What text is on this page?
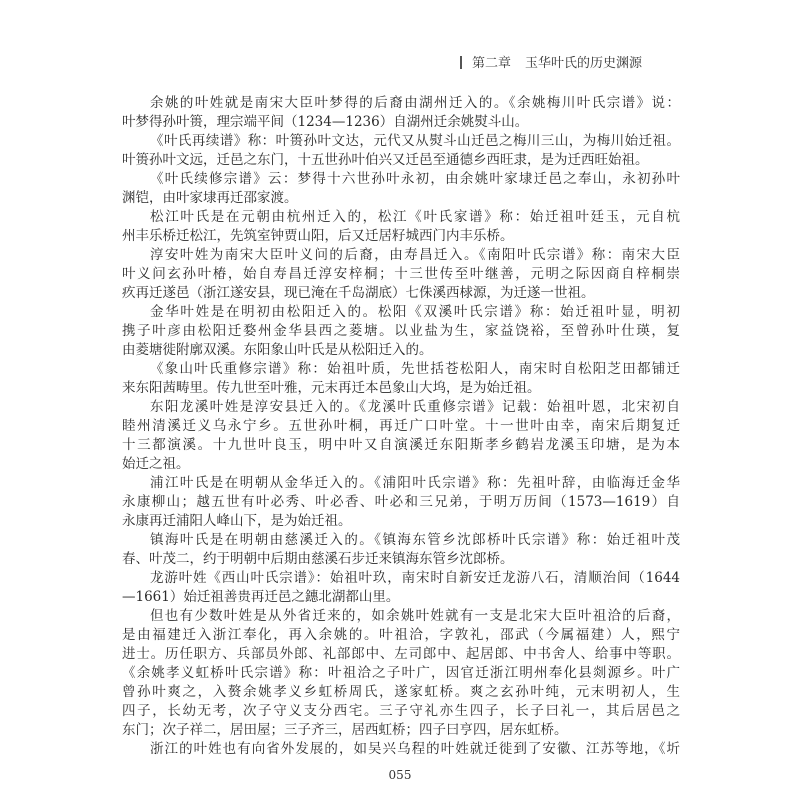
第二章 玉华叶氏的历史渊源
余姚的叶姓就是南宋大臣叶梦得的后裔由湖州迁入的。《余姚梅川叶氏宗谱》说：
叶梦得孙叶篑，理宗端平间（1234—1236）自湖州迁余姚熨斗山。
《叶氏再续谱》称：叶篑孙叶文达，元代又从熨斗山迁邑之梅川三山，为梅川始迁祖。
叶篑孙叶文远，迁邑之东门，十五世孙叶伯兴又迁邑至通德乡西旺隶，是为迁西旺始祖。
《叶氏续修宗谱》云：梦得十六世孙叶永初，由余姚叶家埭迁邑之奉山，永初孙叶
渊铠，由叶家埭再迁邵家渡。
松江叶氏是在元朝由杭州迁入的，松江《叶氏家谱》称：始迁祖叶廷玉，元自杭
州丰乐桥迁松江，先筑室钟贾山阳，后又迁居籽城西门内丰乐桥。
淳安叶姓为南宋大臣叶义问的后裔，由寿昌迁入。《南阳叶氏宗谱》称：南宋大臣
叶义问玄孙叶椿，始自寿昌迁淳安梓桐；十三世传至叶继善，元明之际因商自梓桐崇
疚再迁遂邑（浙江遂安县，现已淹在千岛湖底）七侏溪西梂源，为迁遂一世祖。
金华叶姓是在明初由松阳迁入的。松阳《双溪叶氏宗谱》称：始迁祖叶显，明初
携子叶彦由松阳迁婺州金华县西之菱塘。以业盐为生，家益饶裕，至曾孙叶仕瑛，复
由菱塘徙附廓双溪。东阳象山叶氏是从松阳迁入的。
《象山叶氏重修宗谱》称：始祖叶质，先世括苍松阳人，南宋时自松阳芝田都铺迁
来东阳茜畴里。传九世至叶雅，元末再迁本邑象山大坞，是为始迁祖。
东阳龙溪叶姓是淳安县迁入的。《龙溪叶氏重修宗谱》记载：始祖叶恩，北宋初自
睦州清溪迁义乌永宁乡。五世孙叶桐，再迁广口叶堂。十一世叶由幸，南宋后期复迁
十三都演溪。十九世叶良玉，明中叶又自演溪迁东阳斯孝乡鹤岩龙溪玉印塘，是为本
始迁之祖。
浦江叶氏是在明朝从金华迁入的。《浦阳叶氏宗谱》称：先祖叶辞，由临海迁金华
永康柳山；越五世有叶必秀、叶必香、叶必和三兄弟，于明万历间（1573—1619）自
永康再迁浦阳人峰山下，是为始迁祖。
镇海叶氏是在明朝由慈溪迁入的。《镇海东管乡沈郎桥叶氏宗谱》称：始迁祖叶茂
春、叶茂二，约于明朝中后期由慈溪石步迁来镇海东管乡沈郎桥。
龙游叶姓《西山叶氏宗谱》：始祖叶玖，南宋时自新安迁龙游八石，清顺治间（1644
—1661）始迁祖善贵再迁邑之鏸北湖都山里。
但也有少数叶姓是从外省迁来的，如余姚叶姓就有一支是北宋大臣叶祖洽的后裔，
是由福建迁入浙江奉化，再入余姚的。叶祖洽，字敦礼，邵武（今属福建）人，熙宁
进士。历任职方、兵部员外郎、礼部郎中、左司郎中、起居郎、中书舍人、给事中等职。
《余姚孝义虹桥叶氏宗谱》称：叶祖洽之子叶广，因官迁浙江明州奉化县剡源乡。叶广
曾孙叶爽之，入赘余姚孝义乡虹桥周氏，遂家虹桥。爽之玄孙叶纯，元末明初人，生
四子，长幼无考，次子守义支分西宅。三子守礼亦生四子，长子曰礼一，其后居邑之
东门；次子祥二，居田屋；三子齐三，居西虹桥；四子曰亨四，居东虹桥。
浙江的叶姓也有向省外发展的，如吴兴乌程的叶姓就迁徙到了安徽、江苏等地，《圻
055
